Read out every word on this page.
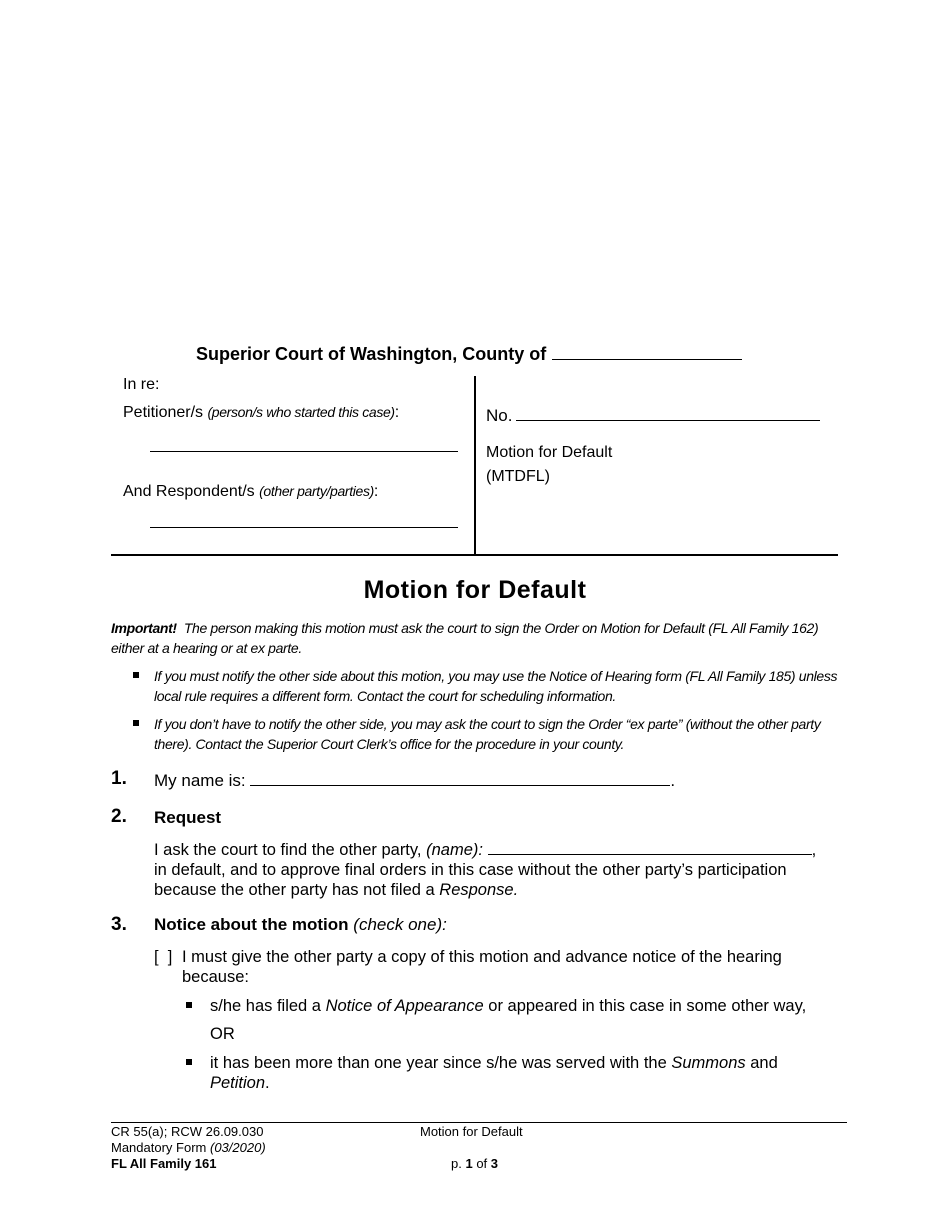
Superior Court of Washington, County of
In re:
Petitioner/s (person/s who started this case):
And Respondent/s (other party/parties):
No.
Motion for Default
(MTDFL)
Motion for Default
Important! The person making this motion must ask the court to sign the Order on Motion for Default (FL All Family 162) either at a hearing or at ex parte.
If you must notify the other side about this motion, you may use the Notice of Hearing form (FL All Family 185) unless local rule requires a different form. Contact the court for scheduling information.
If you don’t have to notify the other side, you may ask the court to sign the Order “ex parte” (without the other party there). Contact the Superior Court Clerk’s office for the procedure in your county.
1. My name is:	.
2. Request
I ask the court to find the other party, (name):	,
in default, and to approve final orders in this case without the other party’s participation
because the other party has not filed a Response.
3. Notice about the motion (check one):
[  ] I must give the other party a copy of this motion and advance notice of the hearing
because:
s/he has filed a Notice of Appearance or appeared in this case in some other way,
OR
it has been more than one year since s/he was served with the Summons and Petition.
CR 55(a); RCW 26.09.030
Mandatory Form (03/2020)
FL All Family 161
Motion for Default
p. 1 of 3
